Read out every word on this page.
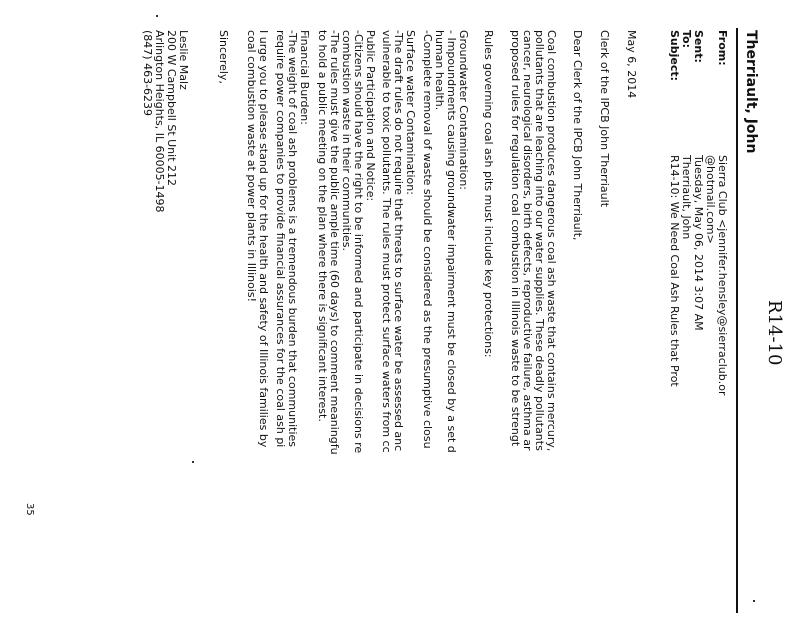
R14-10
Therriault, John
From:
Sierra Club <jennifer.hensley@sierraclub.or
@hotmail.com>
Sent:
Tuesday, May 06, 2014 3:07 AM
To:
Therriault, John
Subject:
R14-10: We Need Coal Ash Rules that Prot
May 6, 2014
Clerk of the IPCB John Therriault
Dear Clerk of the IPCB John Therriault,
Coal combustion produces dangerous coal ash waste that contains mercury,
pollutants that are leaching into our water supplies. These deadly pollutants
cancer, neurological disorders, birth defects, reproductive failure, asthma ar
proposed rules for regulation coal combustion in Illinois waste to be strengt
Rules governing coal ash pits must include key protections:
Groundwater Contamination:
- Impoundments causing groundwater impairment must be closed by a set d
human health.
-Complete removal of waste should be considered as the presumptive closu
Surface water Contamination:
-The draft rules do not require that threats to surface water be assessed anc
vulnerable to toxic pollutants. The rules must protect surface waters from cc
Public Participation and Notice:
-Citizens should have the right to be informed and participate in decisions re
combustion waste in their communities.
-The rules must give the public ample time (60 days) to comment meaningfu
to hold a public meeting on the plan where there is significant interest.
Financial Burden:
-The weight of coal ash problems is a tremendous burden that communities
require power companies to provide financial assurances for the coal ash pi
I urge you to please stand up for the health and safety of Illinois families by
coal combustion waste at power plants in Illinois!
Sincerely,
Leslie Malz
200 W Campbell St Unit 212
Arlington Heights, IL 60005-1498
(847) 463-6239
35
